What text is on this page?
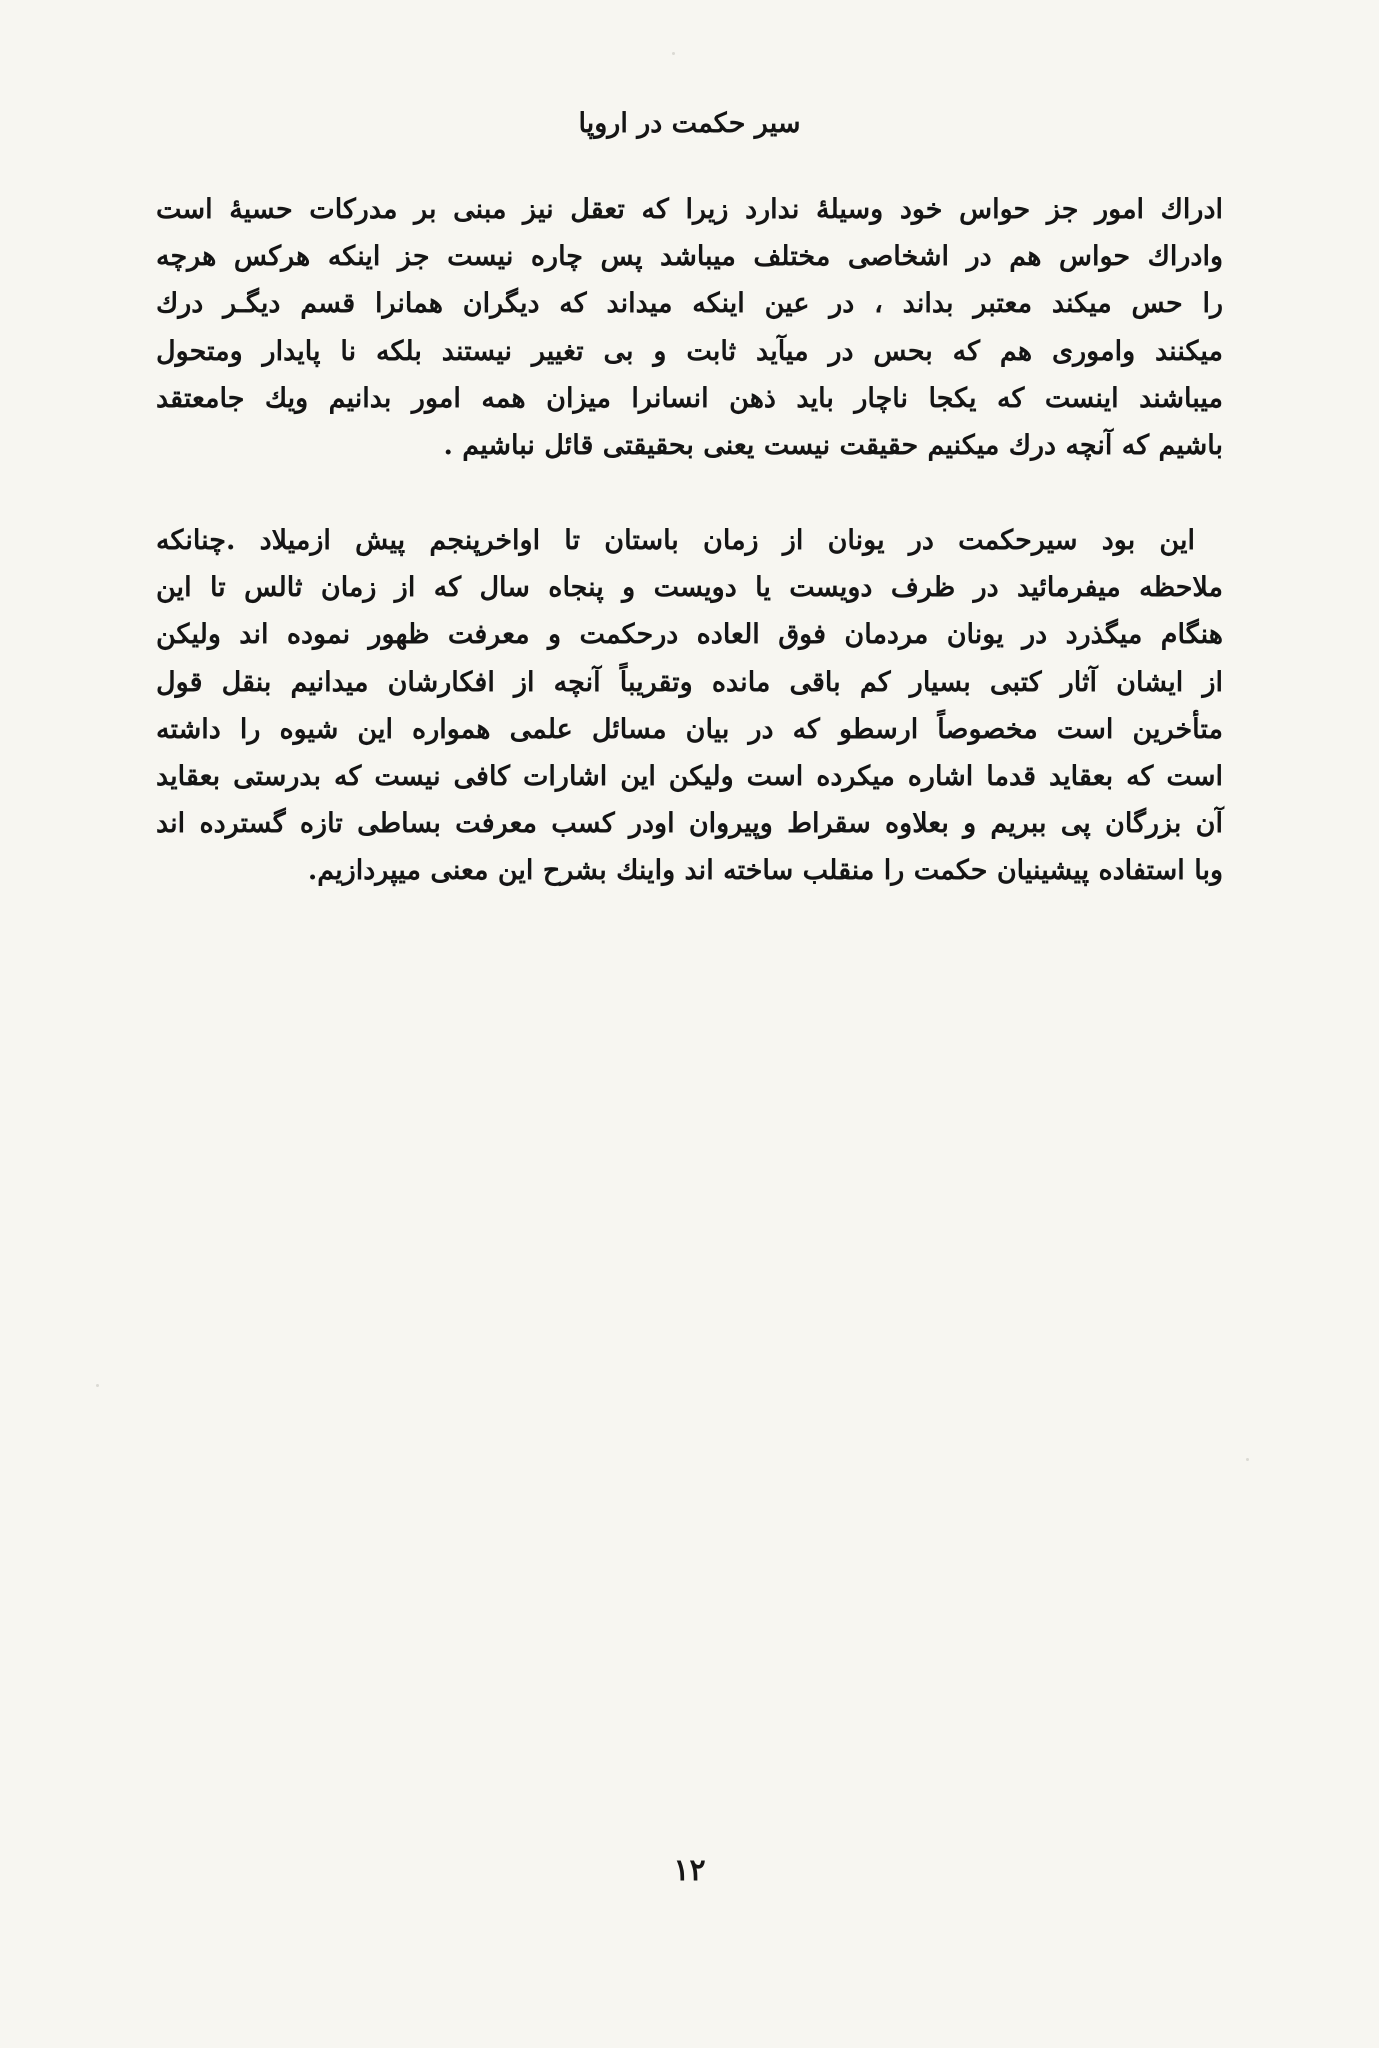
سیر حکمت در اروپا
ادراك امور جز حواس خود وسیلهٔ ندارد زیرا که تعقل نیز مبنی بر مدرکات حسیهٔ است
وادراك حواس هم در اشخاصی مختلف میباشد پس چاره نیست جز اینکه هرکس هرچه
را حس میکند معتبر بداند ، در عین اینکه میداند که دیگران همانرا قسم دیگـر درك
میکنند واموری هم که بحس در میآید ثابت و بی تغییر نیستند بلکه نا پایدار ومتحول
میباشند اینست که یکجا ناچار باید ذهن انسانرا میزان همه امور بدانیم ویك جامعتقد
باشیم که آنچه درك میکنیم حقیقت نیست یعنی بحقیقتی قائل نباشیم .
این بود سیرحکمت در یونان از زمان باستان تا اواخرپنجم پیش ازمیلاد .چنانکه
ملاحظه میفرمائید در ظرف دویست یا دویست و پنجاه سال که از زمان ثالس تا این
هنگام میگذرد در یونان مردمان فوق العاده درحکمت و معرفت ظهور نموده اند ولیکن
از ایشان آثار کتبی بسیار کم باقی مانده وتقریباً آنچه از افکارشان میدانیم بنقل قول
متأخرین است مخصوصاً ارسطو که در بیان مسائل علمی همواره این شیوه را داشته
است که بعقاید قدما اشاره میکرده است ولیکن این اشارات کافی نیست که بدرستی بعقاید
آن بزرگان پی ببریم و بعلاوه سقراط وپیروان اودر کسب معرفت بساطی تازه گسترده اند
وبا استفاده پیشینیان حکمت را منقلب ساخته اند واینك بشرح این معنی میپردازیم.
۱۲
